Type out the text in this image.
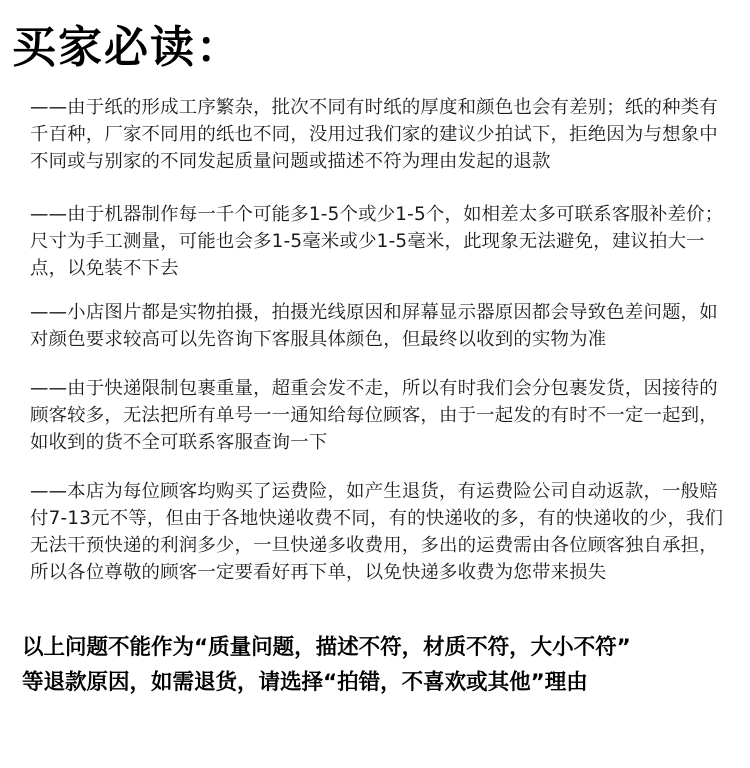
买家必读：
——由于纸的形成工序繁杂，批次不同有时纸的厚度和颜色也会有差别；纸的种类有千百种，厂家不同用的纸也不同，没用过我们家的建议少拍试下，拒绝因为与想象中不同或与别家的不同发起质量问题或描述不符为理由发起的退款
——由于机器制作每一千个可能多1-5个或少1-5个，如相差太多可联系客服补差价；尺寸为手工测量，可能也会多1-5毫米或少1-5毫米，此现象无法避免，建议拍大一点，以免装不下去
——小店图片都是实物拍摄，拍摄光线原因和屏幕显示器原因都会导致色差问题，如对颜色要求较高可以先咨询下客服具体颜色，但最终以收到的实物为准
——由于快递限制包裹重量，超重会发不走，所以有时我们会分包裹发货，因接待的顾客较多，无法把所有单号一一通知给每位顾客，由于一起发的有时不一定一起到，如收到的货不全可联系客服查询一下
——本店为每位顾客均购买了运费险，如产生退货，有运费险公司自动返款，一般赔付7-13元不等，但由于各地快递收费不同，有的快递收的多，有的快递收的少，我们无法干预快递的利润多少，一旦快递多收费用，多出的运费需由各位顾客独自承担，所以各位尊敬的顾客一定要看好再下单，以免快递多收费为您带来损失
以上问题不能作为“质量问题，描述不符，材质不符，大小不符”
等退款原因，如需退货，请选择“拍错，不喜欢或其他”理由
